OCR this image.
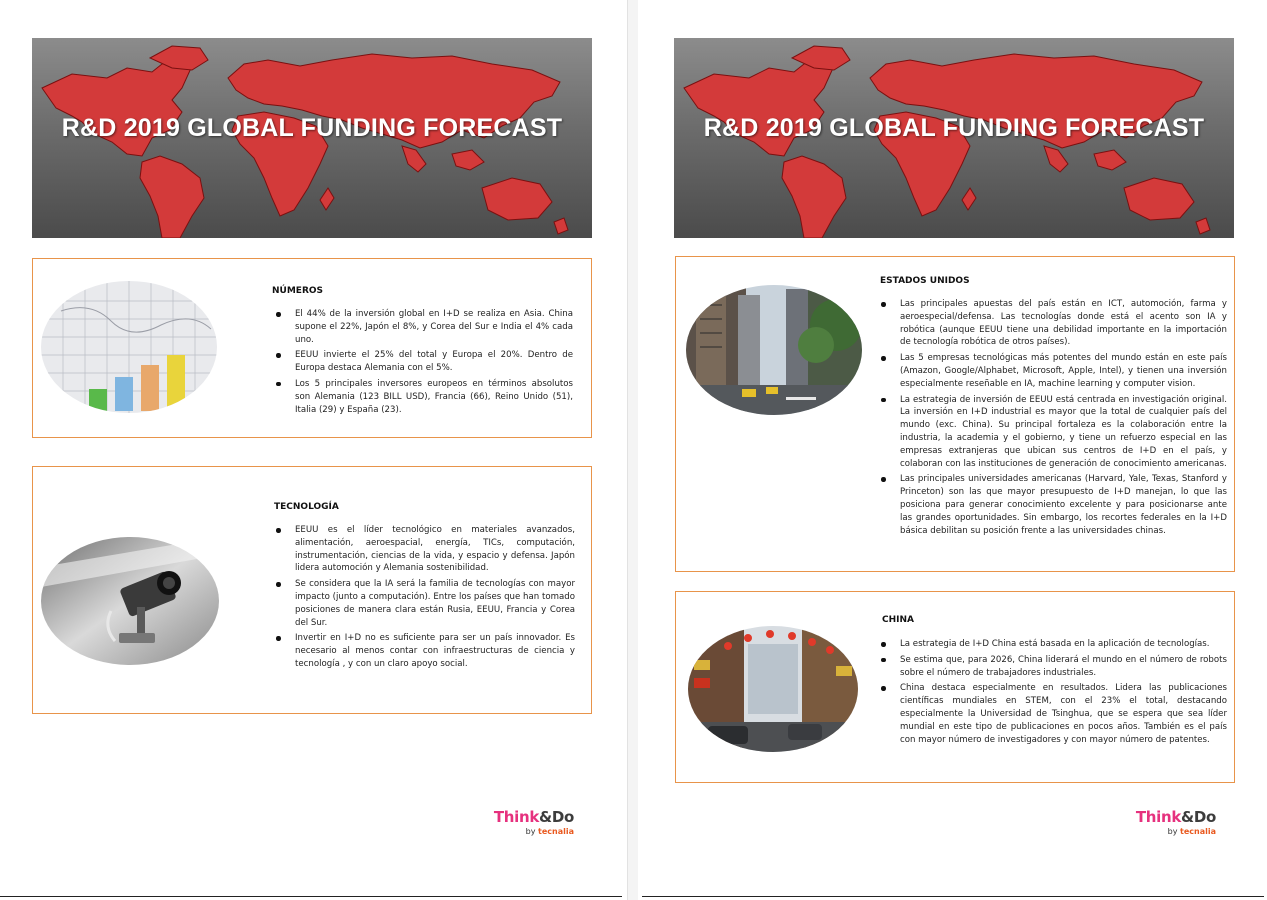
R&D 2019 GLOBAL FUNDING FORECAST
NÚMEROS
El 44% de la inversión global en I+D se realiza en Asia. China supone el 22%, Japón el 8%, y Corea del Sur e India el 4% cada uno.
EEUU invierte el 25% del total y Europa el 20%. Dentro de Europa destaca Alemania con el 5%.
Los 5 principales inversores europeos en términos absolutos son Alemania (123 BILL USD), Francia (66), Reino Unido (51), Italia (29) y España (23).
TECNOLOGÍA
EEUU es el líder tecnológico en materiales avanzados, alimentación, aeroespacial, energía, TICs, computación, instrumentación, ciencias de la vida, y espacio y defensa. Japón lidera automoción y Alemania sostenibilidad.
Se considera que la IA será la familia de tecnologías con mayor impacto (junto a computación). Entre los países que han tomado posiciones de manera clara están Rusia, EEUU, Francia y Corea del Sur.
Invertir en I+D no es suficiente para ser un país innovador. Es necesario al menos contar con infraestructuras de ciencia y tecnología , y con un claro apoyo social.
Think&Do
by tecnalia
R&D 2019 GLOBAL FUNDING FORECAST
ESTADOS UNIDOS
Las principales apuestas del país están en ICT, automoción, farma y aeroespecial/defensa. Las tecnologías donde está el acento son IA y robótica (aunque EEUU tiene una debilidad importante en la importación de tecnología robótica de otros países).
Las 5 empresas tecnológicas más potentes del mundo están en este país (Amazon, Google/Alphabet, Microsoft, Apple, Intel), y tienen una inversión especialmente reseñable en IA, machine learning y computer vision.
La estrategia de inversión de EEUU está centrada en investigación original. La inversión en I+D industrial es mayor que la total de cualquier país del mundo (exc. China). Su principal fortaleza es la colaboración entre la industria, la academia y el gobierno, y tiene un refuerzo especial en las empresas extranjeras que ubican sus centros de I+D en el país, y colaboran con las instituciones de generación de conocimiento americanas.
Las principales universidades americanas (Harvard, Yale, Texas, Stanford y Princeton) son las que mayor presupuesto de I+D manejan, lo que las posiciona para generar conocimiento excelente y para posicionarse ante las grandes oportunidades. Sin embargo, los recortes federales en la I+D básica debilitan su posición frente a las universidades chinas.
CHINA
La estrategia de I+D China está basada en la aplicación de tecnologías.
Se estima que, para 2026, China liderará el mundo en el número de robots sobre el número de trabajadores industriales.
China destaca especialmente en resultados. Lidera las publicaciones científicas mundiales en STEM, con el 23% el total, destacando especialmente la Universidad de Tsinghua, que se espera que sea líder mundial en este tipo de publicaciones en pocos años. También es el país con mayor número de investigadores y con mayor número de patentes.
Think&Do
by tecnalia
